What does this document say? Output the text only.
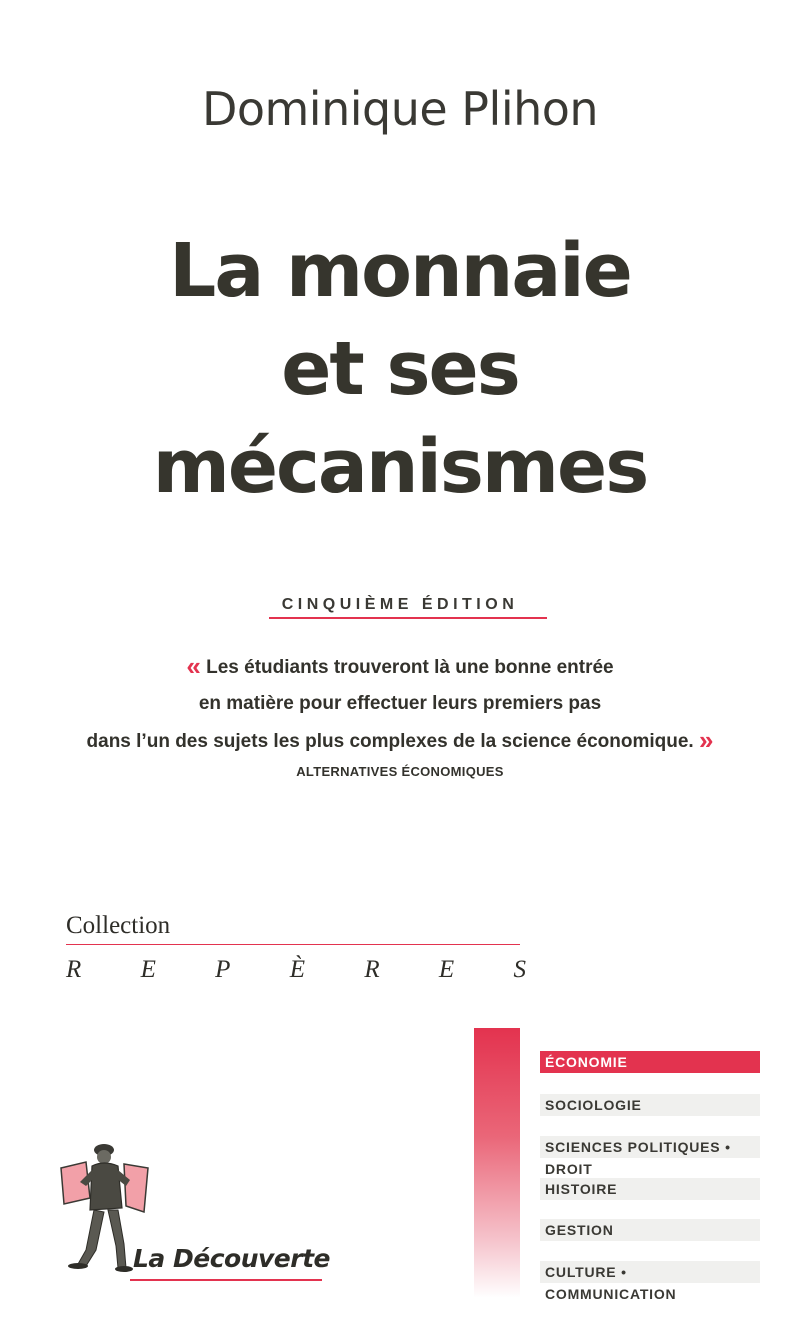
Dominique Plihon
La monnaie
et ses
mécanismes
CINQUIÈME ÉDITION
« Les étudiants trouveront là une bonne entrée
en matière pour effectuer leurs premiers pas
dans l’un des sujets les plus complexes de la science économique. »
ALTERNATIVES ÉCONOMIQUES
Collection
R E P È R E S
ÉCONOMIE
SOCIOLOGIE
SCIENCES POLITIQUES • DROIT
HISTOIRE
GESTION
CULTURE • COMMUNICATION
La Découverte
